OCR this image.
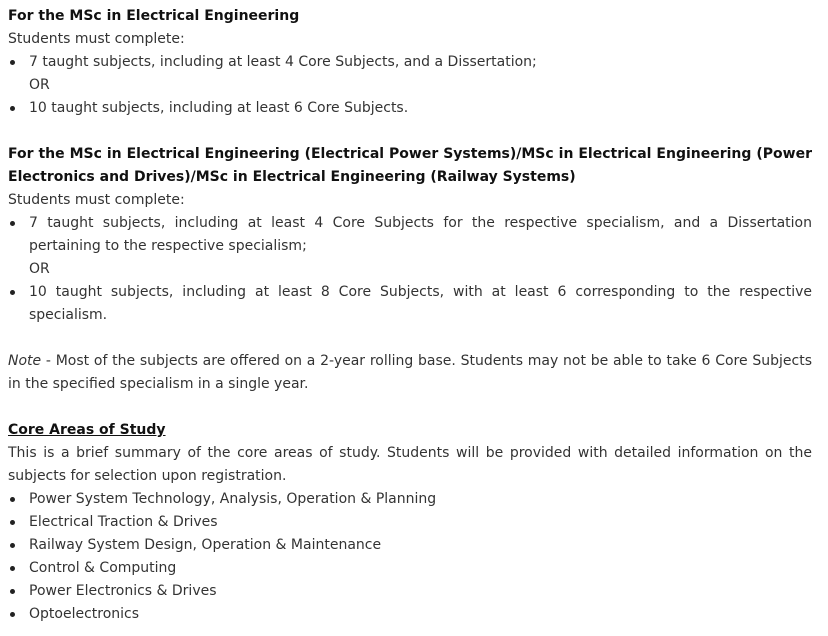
For the MSc in Electrical Engineering

Students must complete:

7 taught subjects, including at least 4 Core Subjects, and a Dissertation;

OR

10 taught subjects, including at least 6 Core Subjects.

For the MSc in Electrical Engineering (Electrical Power Systems)/MSc in Electrical Engineering (Power Electronics and Drives)/MSc in Electrical Engineering (Railway Systems)

Students must complete:

7 taught subjects, including at least 4 Core Subjects for the respective specialism, and a Dissertation pertaining to the respective specialism;

OR

10 taught subjects, including at least 8 Core Subjects, with at least 6 corresponding to the respective specialism.

Note - Most of the subjects are offered on a 2-year rolling base. Students may not be able to take 6 Core Subjects in the specified specialism in a single year.

Core Areas of Study

This is a brief summary of the core areas of study. Students will be provided with detailed information on the subjects for selection upon registration.

Power System Technology, Analysis, Operation & Planning
Electrical Traction & Drives
Railway System Design, Operation & Maintenance
Control & Computing
Power Electronics & Drives
Optoelectronics
